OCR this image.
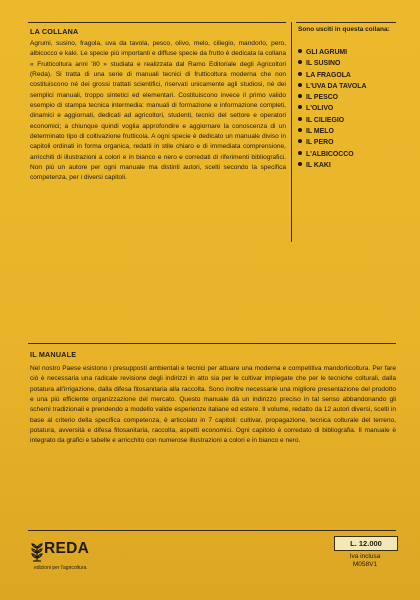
LA COLLANA

Agrumi, susino, fragola, uva da tavola, pesco, olivo, melo, ciliegio, mandorlo, pero, albicocco e kaki. Le specie più importanti e diffuse specie da frutto è dedicata la collana « Frutticoltura anni '80 » studiata e realizzata dal Ramo Editoriale degli Agricoltori (Reda). Si tratta di una serie di manuali tecnici di frutticoltura moderna che non costituiscono né dei grossi trattati scientifici, riservati unicamente agli studiosi, né dei semplici manuali, troppo sintetici ed elementari. Costituiscono invece il primo valido esempio di stampa tecnica intermedia: manuali di formazione e informazione completi, dinamici e aggiornati, dedicati ad agricoltori, studenti, tecnici del settore e operatori economici; a chiunque quindi voglia approfondire e aggiornare la conoscenza di un determinato tipo di coltivazione frutticola. A ogni specie è dedicato un manuale diviso in capitoli ordinati in forma organica, redatti in stile chiaro e di immediata comprensione, arricchiti di illustrazioni a colori e in bianco e nero e corredati di riferimenti bibliografici. Non più un autore per ogni manuale ma distinti autori, scelti secondo la specifica competenza, per i diversi capitoli.

Sono usciti in questa collana:
GLI AGRUMI
IL SUSINO
LA FRAGOLA
L'UVA DA TAVOLA
IL PESCO
L'OLIVO
IL CILIEGIO
IL MELO
IL PERO
L'ALBICOCCO
IL KAKI
IL MANUALE

Nel nostro Paese esistono i presupposti ambientali e tecnici per attuare una moderna e competitiva mandorlicoltura. Per fare ciò è necessaria una radicale revisione degli indirizzi in atto sia per le cultivar impiegate che per le tecniche colturali, dalla potatura all'irrigazione, dalla difesa fitosanitaria alla raccolta. Sono inoltre necessarie una migliore presentazione del prodotto e una più efficiente organizzazione del mercato. Questo manuale dà un indirizzo preciso in tal senso abbandonando gli schemi tradizionali e prendendo a modello valide esperienze italiane ed estere. Il volume, redatto da 12 autori diversi, scelti in base al criterio della specifica competenza, è articolato in 7 capitoli: cultivar, propagazione, tecnica colturale del terreno, potatura, avversità e difesa fitosanitaria, raccolta, aspetti economici. Ogni capitolo è corredato di bibliografia. Il manuale è integrato da grafici e tabelle e arricchito con numerose illustrazioni a colori e in bianco e nero.

REDA
edizioni per l'agricoltura
L. 12.000
Iva inclusa
M058V1
